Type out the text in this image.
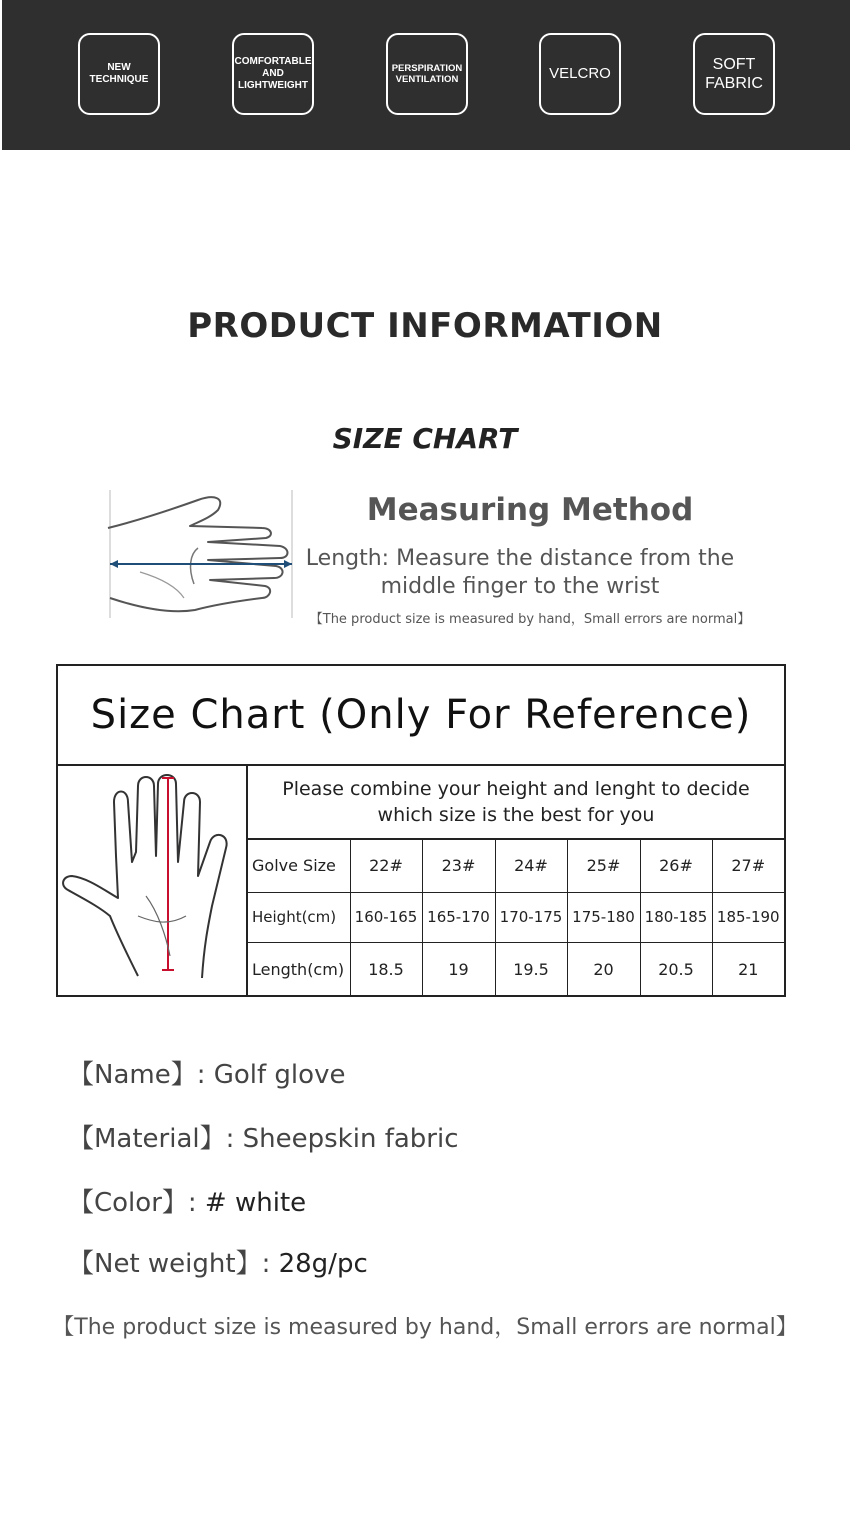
NEW
TECHNIQUE
COMFORTABLE
AND
LIGHTWEIGHT
PERSPIRATION
VENTILATION	VELCRO
SOFT
FABRIC
PRODUCT INFORMATION
SIZE CHART
Measuring Method
Length: Measure the distance from the
middle finger to the wrist
【The product size is measured by hand，Small errors are normal】
Size Chart (Only For Reference)
Please combine your height and lenght to decide
which size is the best for you
Golve Size	22#	23#	24#	25#	26#	27#
Height(cm)	160-165	165-170	170-175	175-180	180-185	185-190
Length(cm)	18.5	19	19.5	20	20.5	21
【Name】: Golf glove
【Material】: Sheepskin fabric
【Color】: # white
【Net weight】: 28g/pc
【The product size is measured by hand，Small errors are normal】
